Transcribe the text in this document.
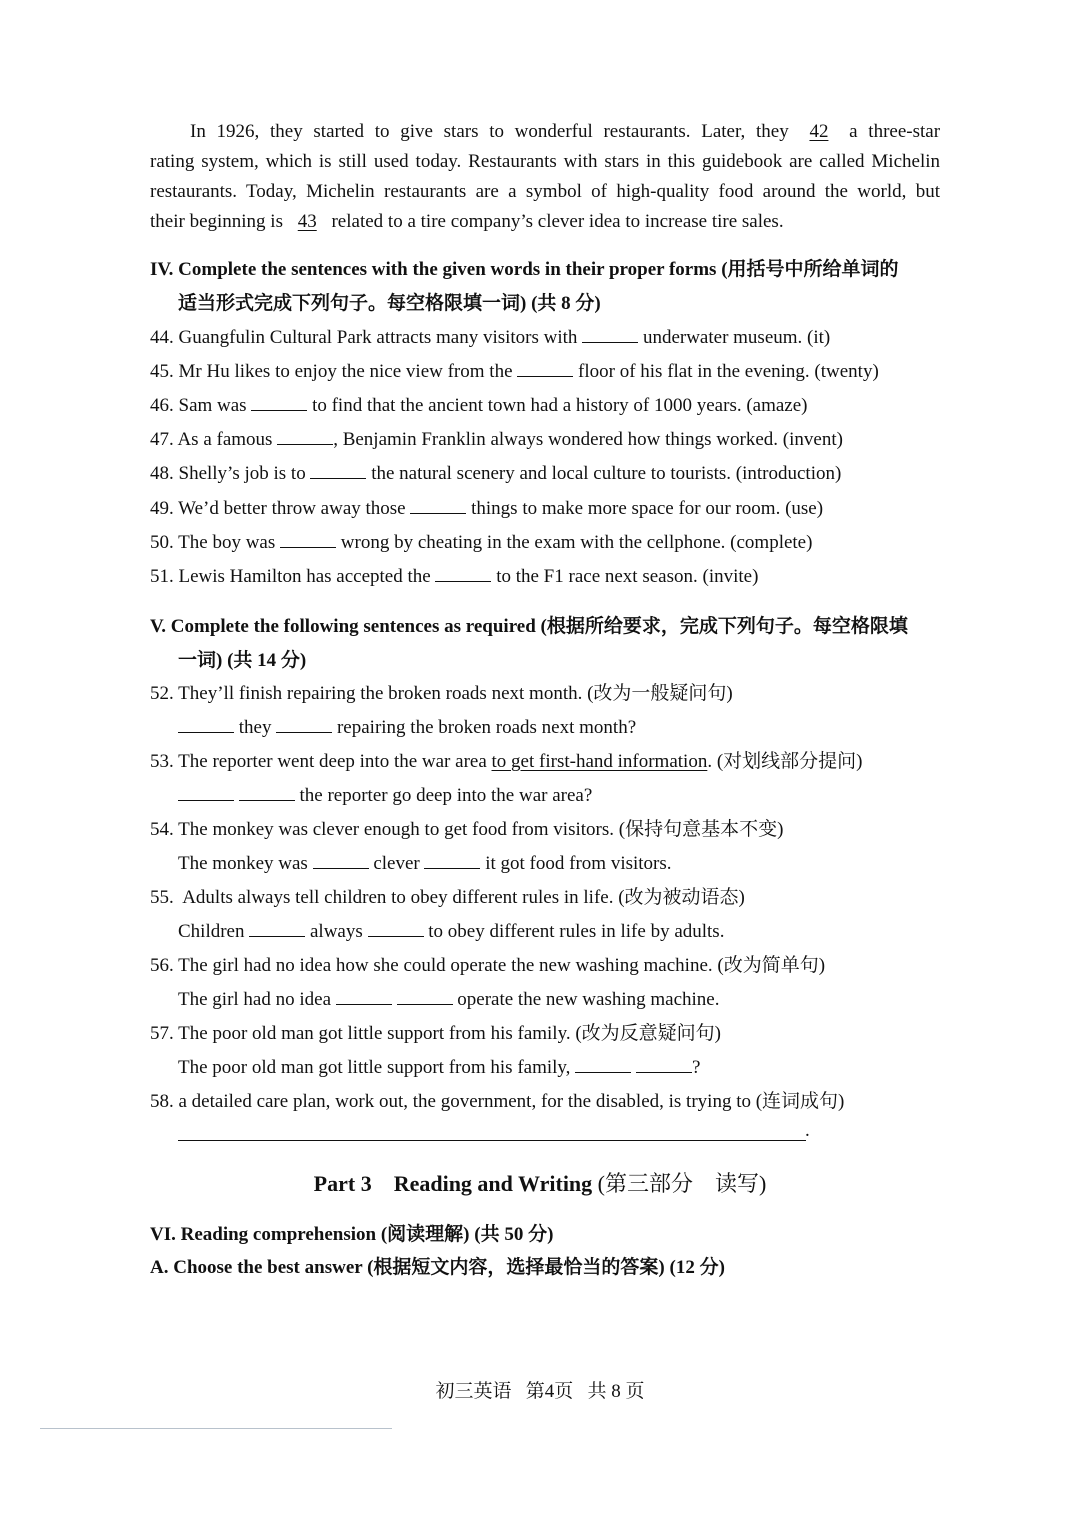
In 1926, they started to give stars to wonderful restaurants. Later, they 42 a three-star
rating system, which is still used today. Restaurants with stars in this guidebook are called Michelin
restaurants. Today, Michelin restaurants are a symbol of high-quality food around the world, but
their beginning is 43 related to a tire company’s clever idea to increase tire sales.
IV. Complete the sentences with the given words in their proper forms (用括号中所给单词的
适当形式完成下列句子。每空格限填一词) (共 8 分)
44. Guangfulin Cultural Park attracts many visitors with	underwater museum. (it)
45. Mr Hu likes to enjoy the nice view from the	floor of his flat in the evening. (twenty)
46. Sam was	to find that the ancient town had a history of 1000 years. (amaze)
47. As a famous	, Benjamin Franklin always wondered how things worked. (invent)
48. Shelly’s job is to	the natural scenery and local culture to tourists. (introduction)
49. We’d better throw away those	things to make more space for our room. (use)
50. The boy was	wrong by cheating in the exam with the cellphone. (complete)
51. Lewis Hamilton has accepted the	to the F1 race next season. (invite)
V. Complete the following sentences as required (根据所给要求，完成下列句子。每空格限填
一词) (共 14 分)
52. They’ll finish repairing the broken roads next month. (改为一般疑问句)
they	repairing the broken roads next month?
53. The reporter went deep into the war area to get first-hand information. (对划线部分提问)
the reporter go deep into the war area?
54. The monkey was clever enough to get food from visitors. (保持句意基本不变)
The monkey was	clever	it got food from visitors.
55. Adults always tell children to obey different rules in life. (改为被动语态)
Children	always	to obey different rules in life by adults.
56. The girl had no idea how she could operate the new washing machine. (改为简单句)
The girl had no idea	operate the new washing machine.
57. The poor old man got little support from his family. (改为反意疑问句)
The poor old man got little support from his family,	?
58. a detailed care plan, work out, the government, for the disabled, is trying to (连词成句)
.
Part 3    Reading and Writing (第三部分    读写)
VI. Reading comprehension (阅读理解) (共 50 分)
A. Choose the best answer (根据短文内容，选择最恰当的答案) (12 分)
初三英语   第4页   共 8 页
